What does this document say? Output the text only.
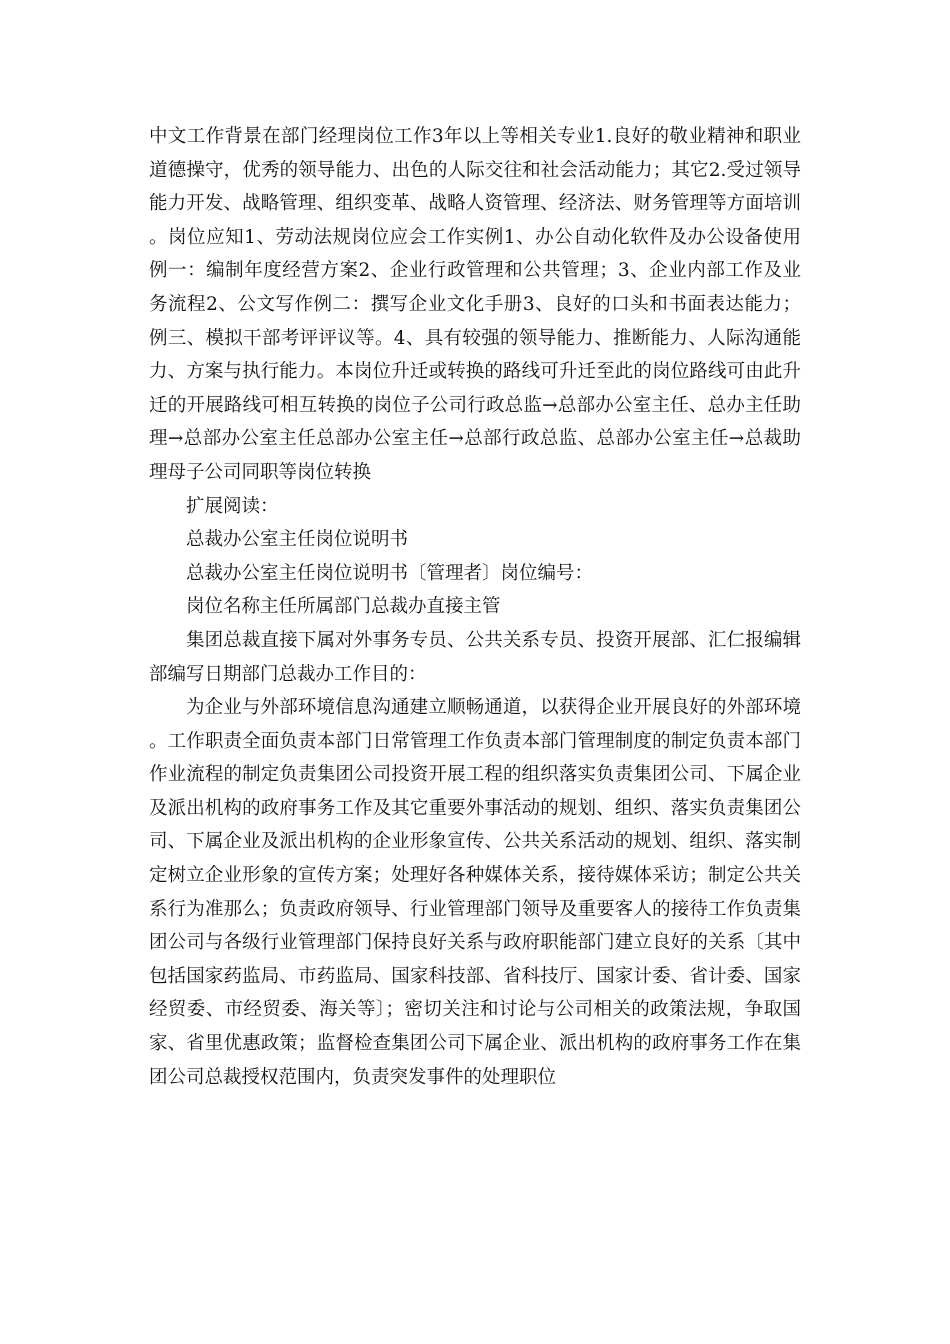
中文工作背景在部门经理岗位工作3年以上等相关专业1.良好的敬业精神和职业道德操守，优秀的领导能力、出色的人际交往和社会活动能力；其它2.受过领导能力开发、战略管理、组织变革、战略人资管理、经济法、财务管理等方面培训。岗位应知1、劳动法规岗位应会工作实例1、办公自动化软件及办公设备使用例一：编制年度经营方案2、企业行政管理和公共管理；3、企业内部工作及业务流程2、公文写作例二：撰写企业文化手册3、良好的口头和书面表达能力；例三、模拟干部考评评议等。4、具有较强的领导能力、推断能力、人际沟通能力、方案与执行能力。本岗位升迁或转换的路线可升迁至此的岗位路线可由此升迁的开展路线可相互转换的岗位子公司行政总监→总部办公室主任、总办主任助理→总部办公室主任总部办公室主任→总部行政总监、总部办公室主任→总裁助理母子公司同职等岗位转换

扩展阅读：

总裁办公室主任岗位说明书

总裁办公室主任岗位说明书〔管理者〕岗位编号：

岗位名称主任所属部门总裁办直接主管

集团总裁直接下属对外事务专员、公共关系专员、投资开展部、汇仁报编辑部编写日期部门总裁办工作目的：

为企业与外部环境信息沟通建立顺畅通道，以获得企业开展良好的外部环境。工作职责全面负责本部门日常管理工作负责本部门管理制度的制定负责本部门作业流程的制定负责集团公司投资开展工程的组织落实负责集团公司、下属企业及派出机构的政府事务工作及其它重要外事活动的规划、组织、落实负责集团公司、下属企业及派出机构的企业形象宣传、公共关系活动的规划、组织、落实制定树立企业形象的宣传方案；处理好各种媒体关系，接待媒体采访；制定公共关系行为准那么；负责政府领导、行业管理部门领导及重要客人的接待工作负责集团公司与各级行业管理部门保持良好关系与政府职能部门建立良好的关系〔其中包括国家药监局、市药监局、国家科技部、省科技厅、国家计委、省计委、国家经贸委、市经贸委、海关等〕；密切关注和讨论与公司相关的政策法规，争取国家、省里优惠政策；监督检查集团公司下属企业、派出机构的政府事务工作在集团公司总裁授权范围内，负责突发事件的处理职位
